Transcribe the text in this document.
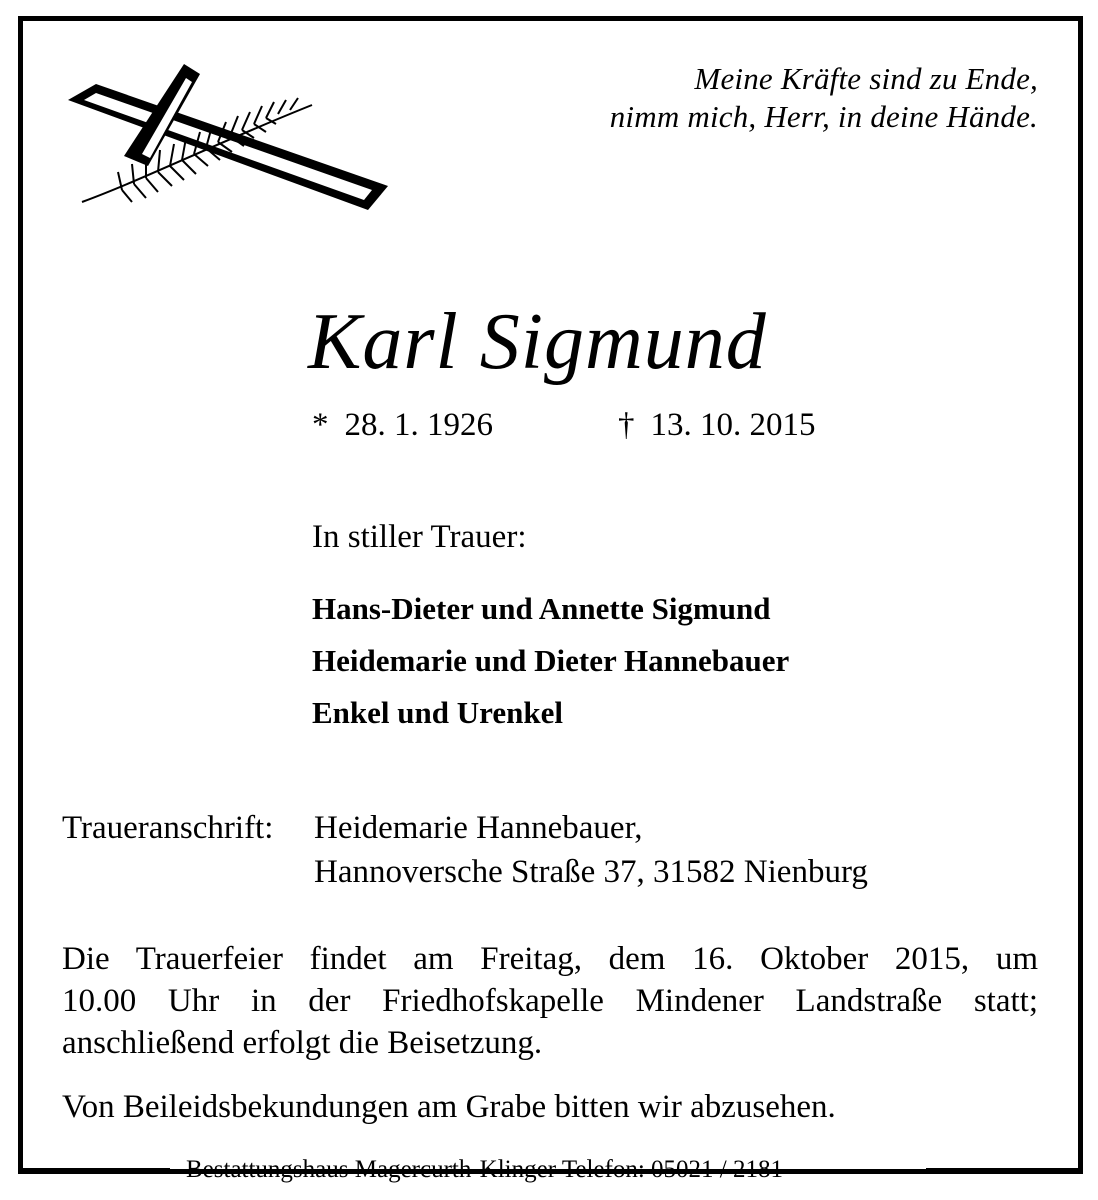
Meine Kräfte sind zu Ende,
nimm mich, Herr, in deine Hände.
Karl Sigmund
* 28. 1. 1926	† 13. 10. 2015
In stiller Trauer:
Hans-Dieter und Annette Sigmund
Heidemarie und Dieter Hannebauer
Enkel und Urenkel
Traueranschrift: Heidemarie Hannebauer,
Hannoversche Straße 37, 31582 Nienburg
Die Trauerfeier findet am Freitag, dem 16. Oktober 2015, um
10.00 Uhr in der Friedhofskapelle Mindener Landstraße statt;
anschließend erfolgt die Beisetzung.
Von Beileidsbekundungen am Grabe bitten wir abzusehen.
Bestattungshaus Magercurth-Klinger Telefon: 05021 / 2181
